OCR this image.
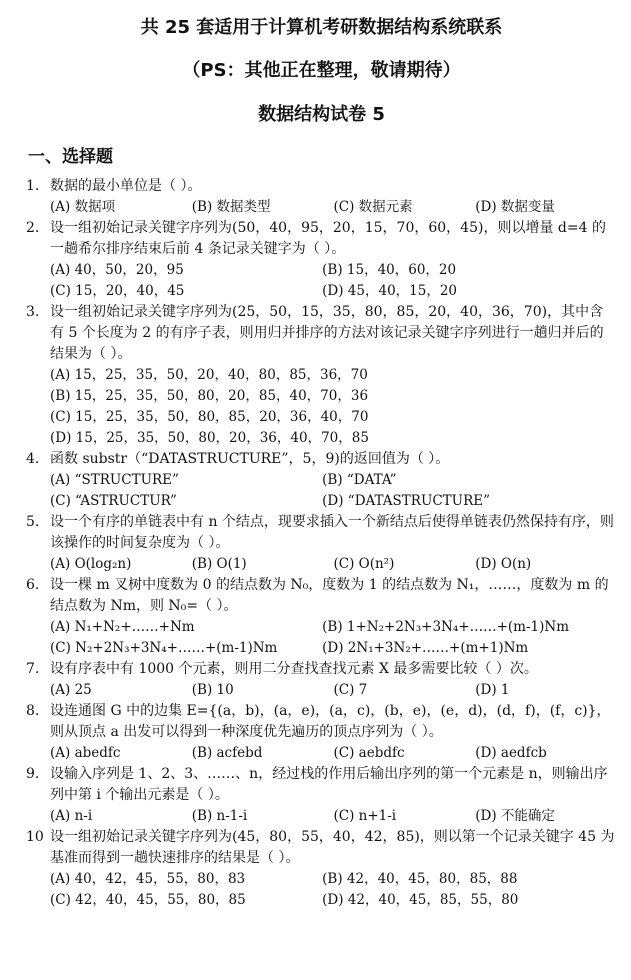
共 25 套适用于计算机考研数据结构系统联系
（PS：其他正在整理，敬请期待）
数据结构试卷 5
一、选择题
1. 数据的最小单位是（ ）。
(A) 数据项	(B) 数据类型	(C) 数据元素	(D) 数据变量
2. 设一组初始记录关键字序列为(50，40，95，20，15，70，60，45)，则以增量 d=4 的一趟希尔排序结束后前 4 条记录关键字为（ ）。
(A) 40，50，20，95	(B) 15，40，60，20
(C) 15，20，40，45	(D) 45，40，15，20
3. 设一组初始记录关键字序列为(25，50，15，35，80，85，20，40，36，70)，其中含有 5 个长度为 2 的有序子表，则用归并排序的方法对该记录关键字序列进行一趟归并后的结果为（ ）。
(A) 15，25，35，50，20，40，80，85，36，70
(B) 15，25，35，50，80，20，85，40，70，36
(C) 15，25，35，50，80，85，20，36，40，70
(D) 15，25，35，50，80，20，36，40，70，85
4. 函数 substr（“DATASTRUCTURE”，5，9)的返回值为（ ）。
(A) “STRUCTURE”	(B) “DATA”
(C) “ASTRUCTUR”	(D) “DATASTRUCTURE”
5. 设一个有序的单链表中有 n 个结点，现要求插入一个新结点后使得单链表仍然保持有序，则该操作的时间复杂度为（ ）。
(A) O(log₂n)	(B) O(1)	(C) O(n²)	(D) O(n)
6. 设一棵 m 叉树中度数为 0 的结点数为 N₀，度数为 1 的结点数为 N₁，……，度数为 m 的结点数为 Nm，则 N₀=（ ）。
(A) N₁+N₂+……+Nm	(B) 1+N₂+2N₃+3N₄+……+(m-1)Nm
(C) N₂+2N₃+3N₄+……+(m-1)Nm	(D) 2N₁+3N₂+……+(m+1)Nm
7. 设有序表中有 1000 个元素，则用二分查找查找元素 X 最多需要比较（ ）次。
(A) 25	(B) 10	(C) 7	(D) 1
8. 设连通图 G 中的边集 E={(a，b)，(a，e)，(a，c)，(b，e)，(e，d)，(d，f)，(f，c)}，则从顶点 a 出发可以得到一种深度优先遍历的顶点序列为（ ）。
(A) abedfc	(B) acfebd	(C) aebdfc	(D) aedfcb
9. 设输入序列是 1、2、3、……、n，经过栈的作用后输出序列的第一个元素是 n，则输出序列中第 i 个输出元素是（ ）。
(A) n-i	(B) n-1-i	(C) n+1-i	(D) 不能确定
10 设一组初始记录关键字序列为(45，80，55，40，42，85)，则以第一个记录关键字 45 为基准而得到一趟快速排序的结果是（ ）。
(A) 40，42，45，55，80，83	(B) 42，40，45，80，85，88
(C) 42，40，45，55，80，85	(D) 42，40，45，85，55，80
